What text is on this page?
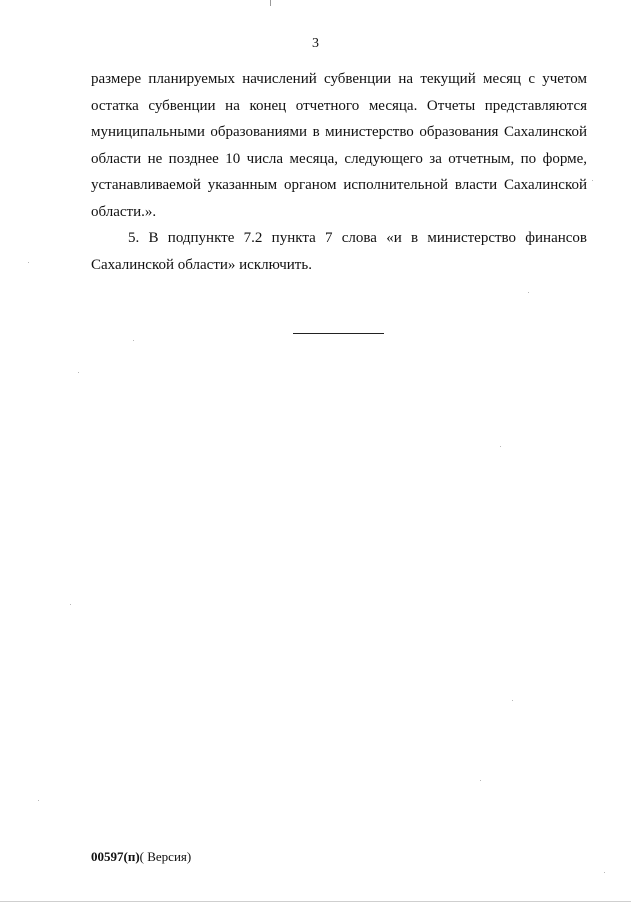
3

размере планируемых начислений субвенции на текущий месяц с учетом остатка субвенции на конец отчетного месяца. Отчеты представляются муниципальными образованиями в министерство образования Сахалинской области не позднее 10 числа месяца, следующего за отчетным, по форме, устанавливаемой указанным органом исполнительной власти Сахалинской области.».

5. В подпункте 7.2 пункта 7 слова «и в министерство финансов Сахалинской области» исключить.

00597(п)( Версия)
